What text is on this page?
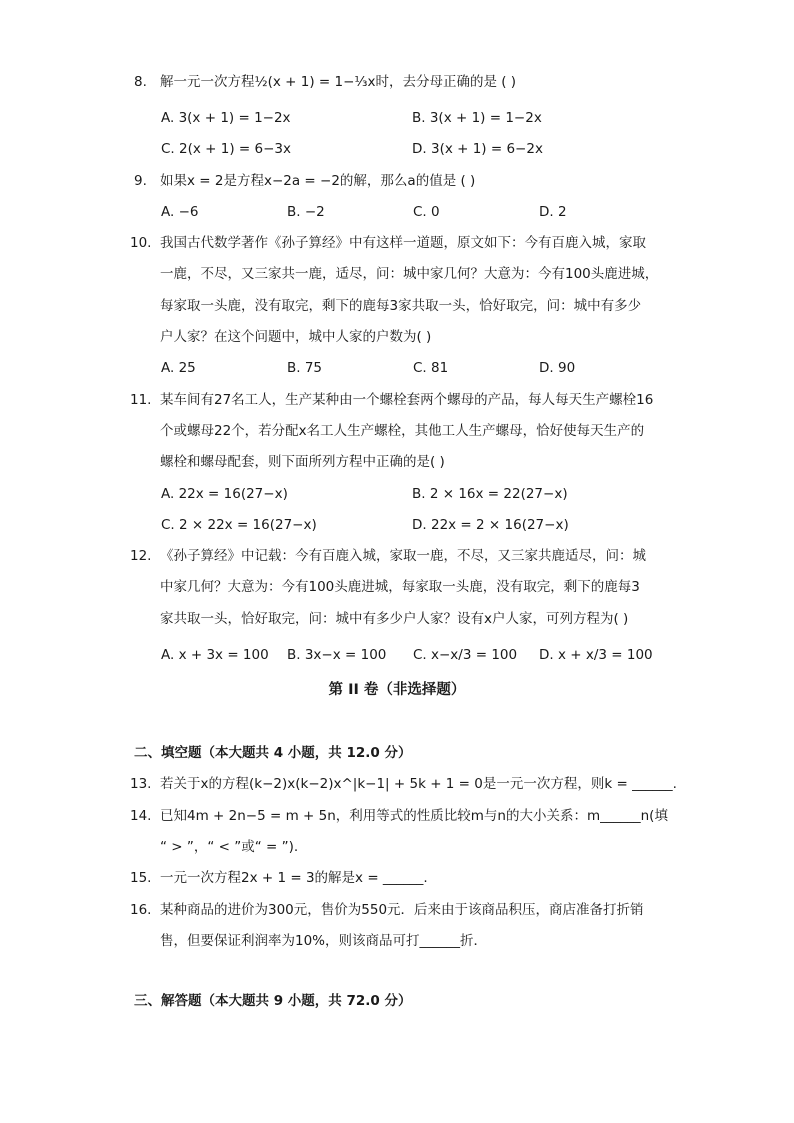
8. 解一元一次方程½(x + 1) = 1−⅓x时，去分母正确的是 ( )
A. 3(x + 1) = 1−2x	B. 3(x + 1) = 1−2x
C. 2(x + 1) = 6−3x	D. 3(x + 1) = 6−2x
9. 如果x = 2是方程x−2a = −2的解，那么a的值是 ( )
A. −6	B. −2	C. 0	D. 2
10. 我国古代数学著作《孙子算经》中有这样一道题，原文如下：今有百鹿入城，家取
一鹿，不尽，又三家共一鹿，适尽，问：城中家几何？大意为：今有100头鹿进城，
每家取一头鹿，没有取完，剩下的鹿每3家共取一头，恰好取完，问：城中有多少
户人家？在这个问题中，城中人家的户数为( )
A. 25	B. 75	C. 81	D. 90
11. 某车间有27名工人，生产某种由一个螺栓套两个螺母的产品，每人每天生产螺栓16
个或螺母22个，若分配x名工人生产螺栓，其他工人生产螺母，恰好使每天生产的
螺栓和螺母配套，则下面所列方程中正确的是( )
A. 22x = 16(27−x)	B. 2 × 16x = 22(27−x)
C. 2 × 22x = 16(27−x)	D. 22x = 2 × 16(27−x)
12. 《孙子算经》中记载：今有百鹿入城，家取一鹿，不尽，又三家共鹿适尽，问：城
中家几何？大意为：今有100头鹿进城，每家取一头鹿，没有取完，剩下的鹿每3
家共取一头，恰好取完，问：城中有多少户人家？设有x户人家，可列方程为( )
A. x + 3x = 100 B. 3x−x = 100 C. x−x/3 = 100 D. x + x/3 = 100
第 II 卷（非选择题）
二、填空题（本大题共 4 小题，共 12.0 分）
13. 若关于x的方程(k−2)x(k−2)x^|k−1| + 5k + 1 = 0是一元一次方程，则k = ______.
14. 已知4m + 2n−5 = m + 5n，利用等式的性质比较m与n的大小关系：m______n(填
“ > ”，“ < ”或“ = ”).
15. 一元一次方程2x + 1 = 3的解是x = ______.
16. 某种商品的进价为300元，售价为550元．后来由于该商品积压，商店准备打折销
售，但要保证利润率为10%，则该商品可打______折．
三、解答题（本大题共 9 小题，共 72.0 分）
